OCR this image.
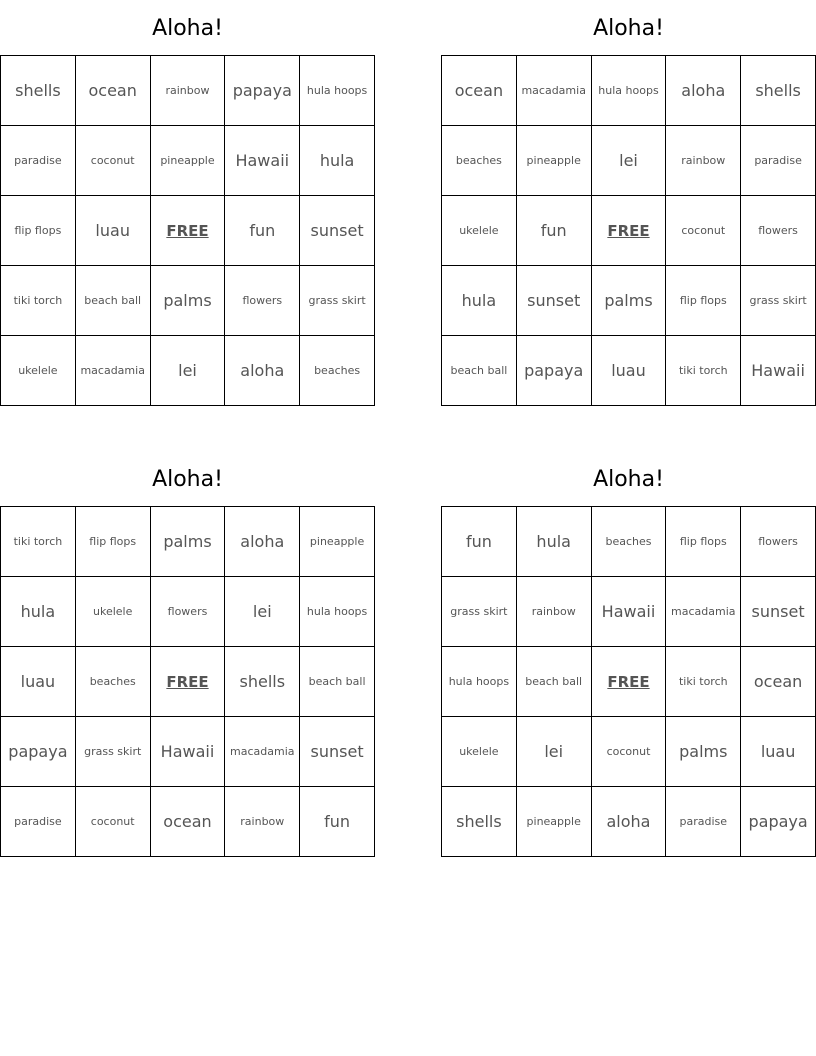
Aloha!
shells	ocean	rainbow	papaya	hula hoops
paradise	coconut	pineapple	Hawaii	hula
flip flops	luau	FREE	fun	sunset
tiki torch	beach ball	palms	flowers	grass skirt
ukelele	macadamia	lei	aloha	beaches
Aloha!
ocean	macadamia	hula hoops	aloha	shells
beaches	pineapple	lei	rainbow	paradise
ukelele	fun	FREE	coconut	flowers
hula	sunset	palms	flip flops	grass skirt
beach ball	papaya	luau	tiki torch	Hawaii
Aloha!
tiki torch	flip flops	palms	aloha	pineapple
hula	ukelele	flowers	lei	hula hoops
luau	beaches	FREE	shells	beach ball
papaya	grass skirt	Hawaii	macadamia	sunset
paradise	coconut	ocean	rainbow	fun
Aloha!
fun	hula	beaches	flip flops	flowers
grass skirt	rainbow	Hawaii	macadamia	sunset
hula hoops	beach ball	FREE	tiki torch	ocean
ukelele	lei	coconut	palms	luau
shells	pineapple	aloha	paradise	papaya
